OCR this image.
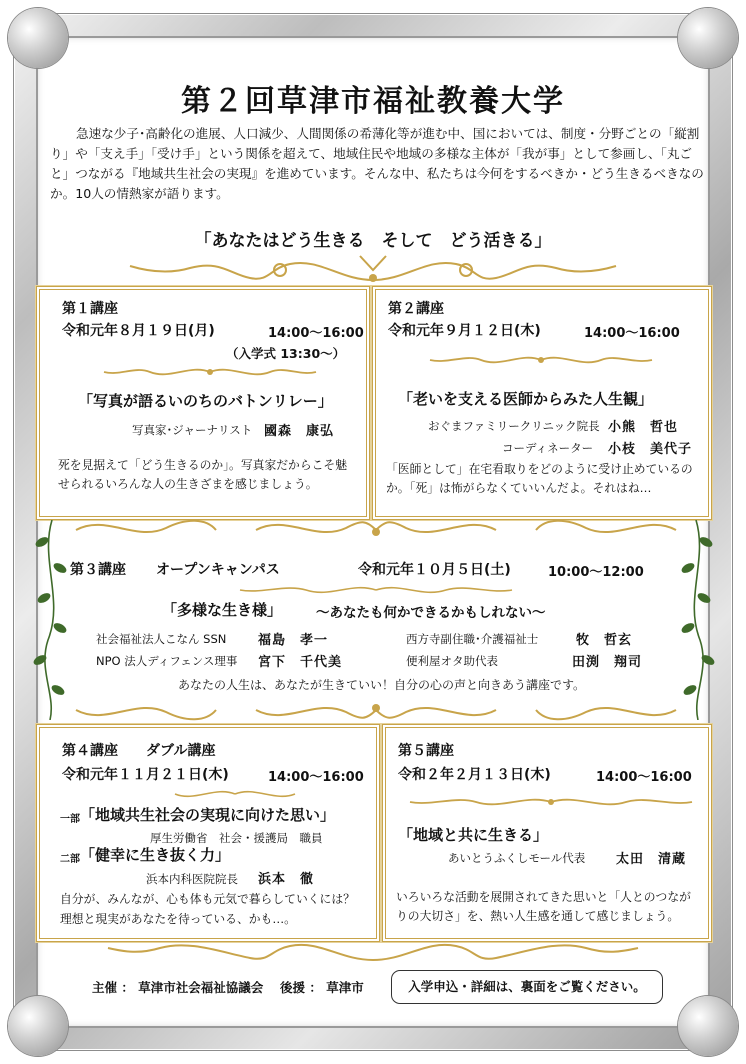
第２回草津市福祉教養大学
急速な少子･高齢化の進展、人口減少、人間関係の希薄化等が進む中、国においては、制度・分野ごとの「縦割り」や「支え手」「受け手」という関係を超えて、地域住民や地域の多様な主体が「我が事」として参画し、「丸ごと」つながる『地域共生社会の実現』を進めています。そんな中、私たちは今何をするべきか・どう生きるべきなのか。10人の情熱家が語ります。
「あなたはどう生きる　そして　どう活きる」
第１講座
令和元年８月１９日(月)	14:00～16:00
（入学式 13:30～）
「写真が語るいのちのバトンリレー」
写真家･ジャーナリスト 國森　康弘
死を見据えて「どう生きるのか」。写真家だからこそ魅せられるいろんな人の生きざまを感じましょう。
第２講座
令和元年９月１２日(木)	14:00～16:00
「老いを支える医師からみた人生観」
おぐまファミリークリニック院長 小熊　哲也
コーディネーター 小枝　美代子
「医師として」在宅看取りをどのように受け止めているのか。「死」は怖がらなくていいんだよ。それはね…
第３講座 オープンキャンパス	令和元年１０月５日(土)	10:00～12:00
「多様な生き様」	～あなたも何かできるかもしれない～
社会福祉法人こなん SSN 福島　孝一	西方寺副住職･介護福祉士	牧　哲玄
NPO 法人ディフェンス理事 宮下　千代美	便利屋オタ助代表	田渕　翔司
あなたの人生は、あなたが生きていい！自分の心の声と向きあう講座です。
第４講座 ダブル講座
令和元年１１月２１日(木)	14:00～16:00
一部 「地域共生社会の実現に向けた思い」
厚生労働省　社会・援護局　職員
二部 「健幸に生き抜く力」
浜本内科医院院長 浜本　徹
自分が、みんなが、心も体も元気で暮らしていくには？
理想と現実があなたを待っている、かも…。
第５講座
令和２年２月１３日(木)	14:00～16:00
「地域と共に生きる」
あいとうふくしモール代表 太田　清蔵
いろいろな活動を展開されてきた思いと「人とのつながりの大切さ」を、熱い人生感を通して感じましょう。
主催 ： 草津市社会福祉協議会　 後援 ： 草津市	入学申込・詳細は、裏面をご覧ください。
